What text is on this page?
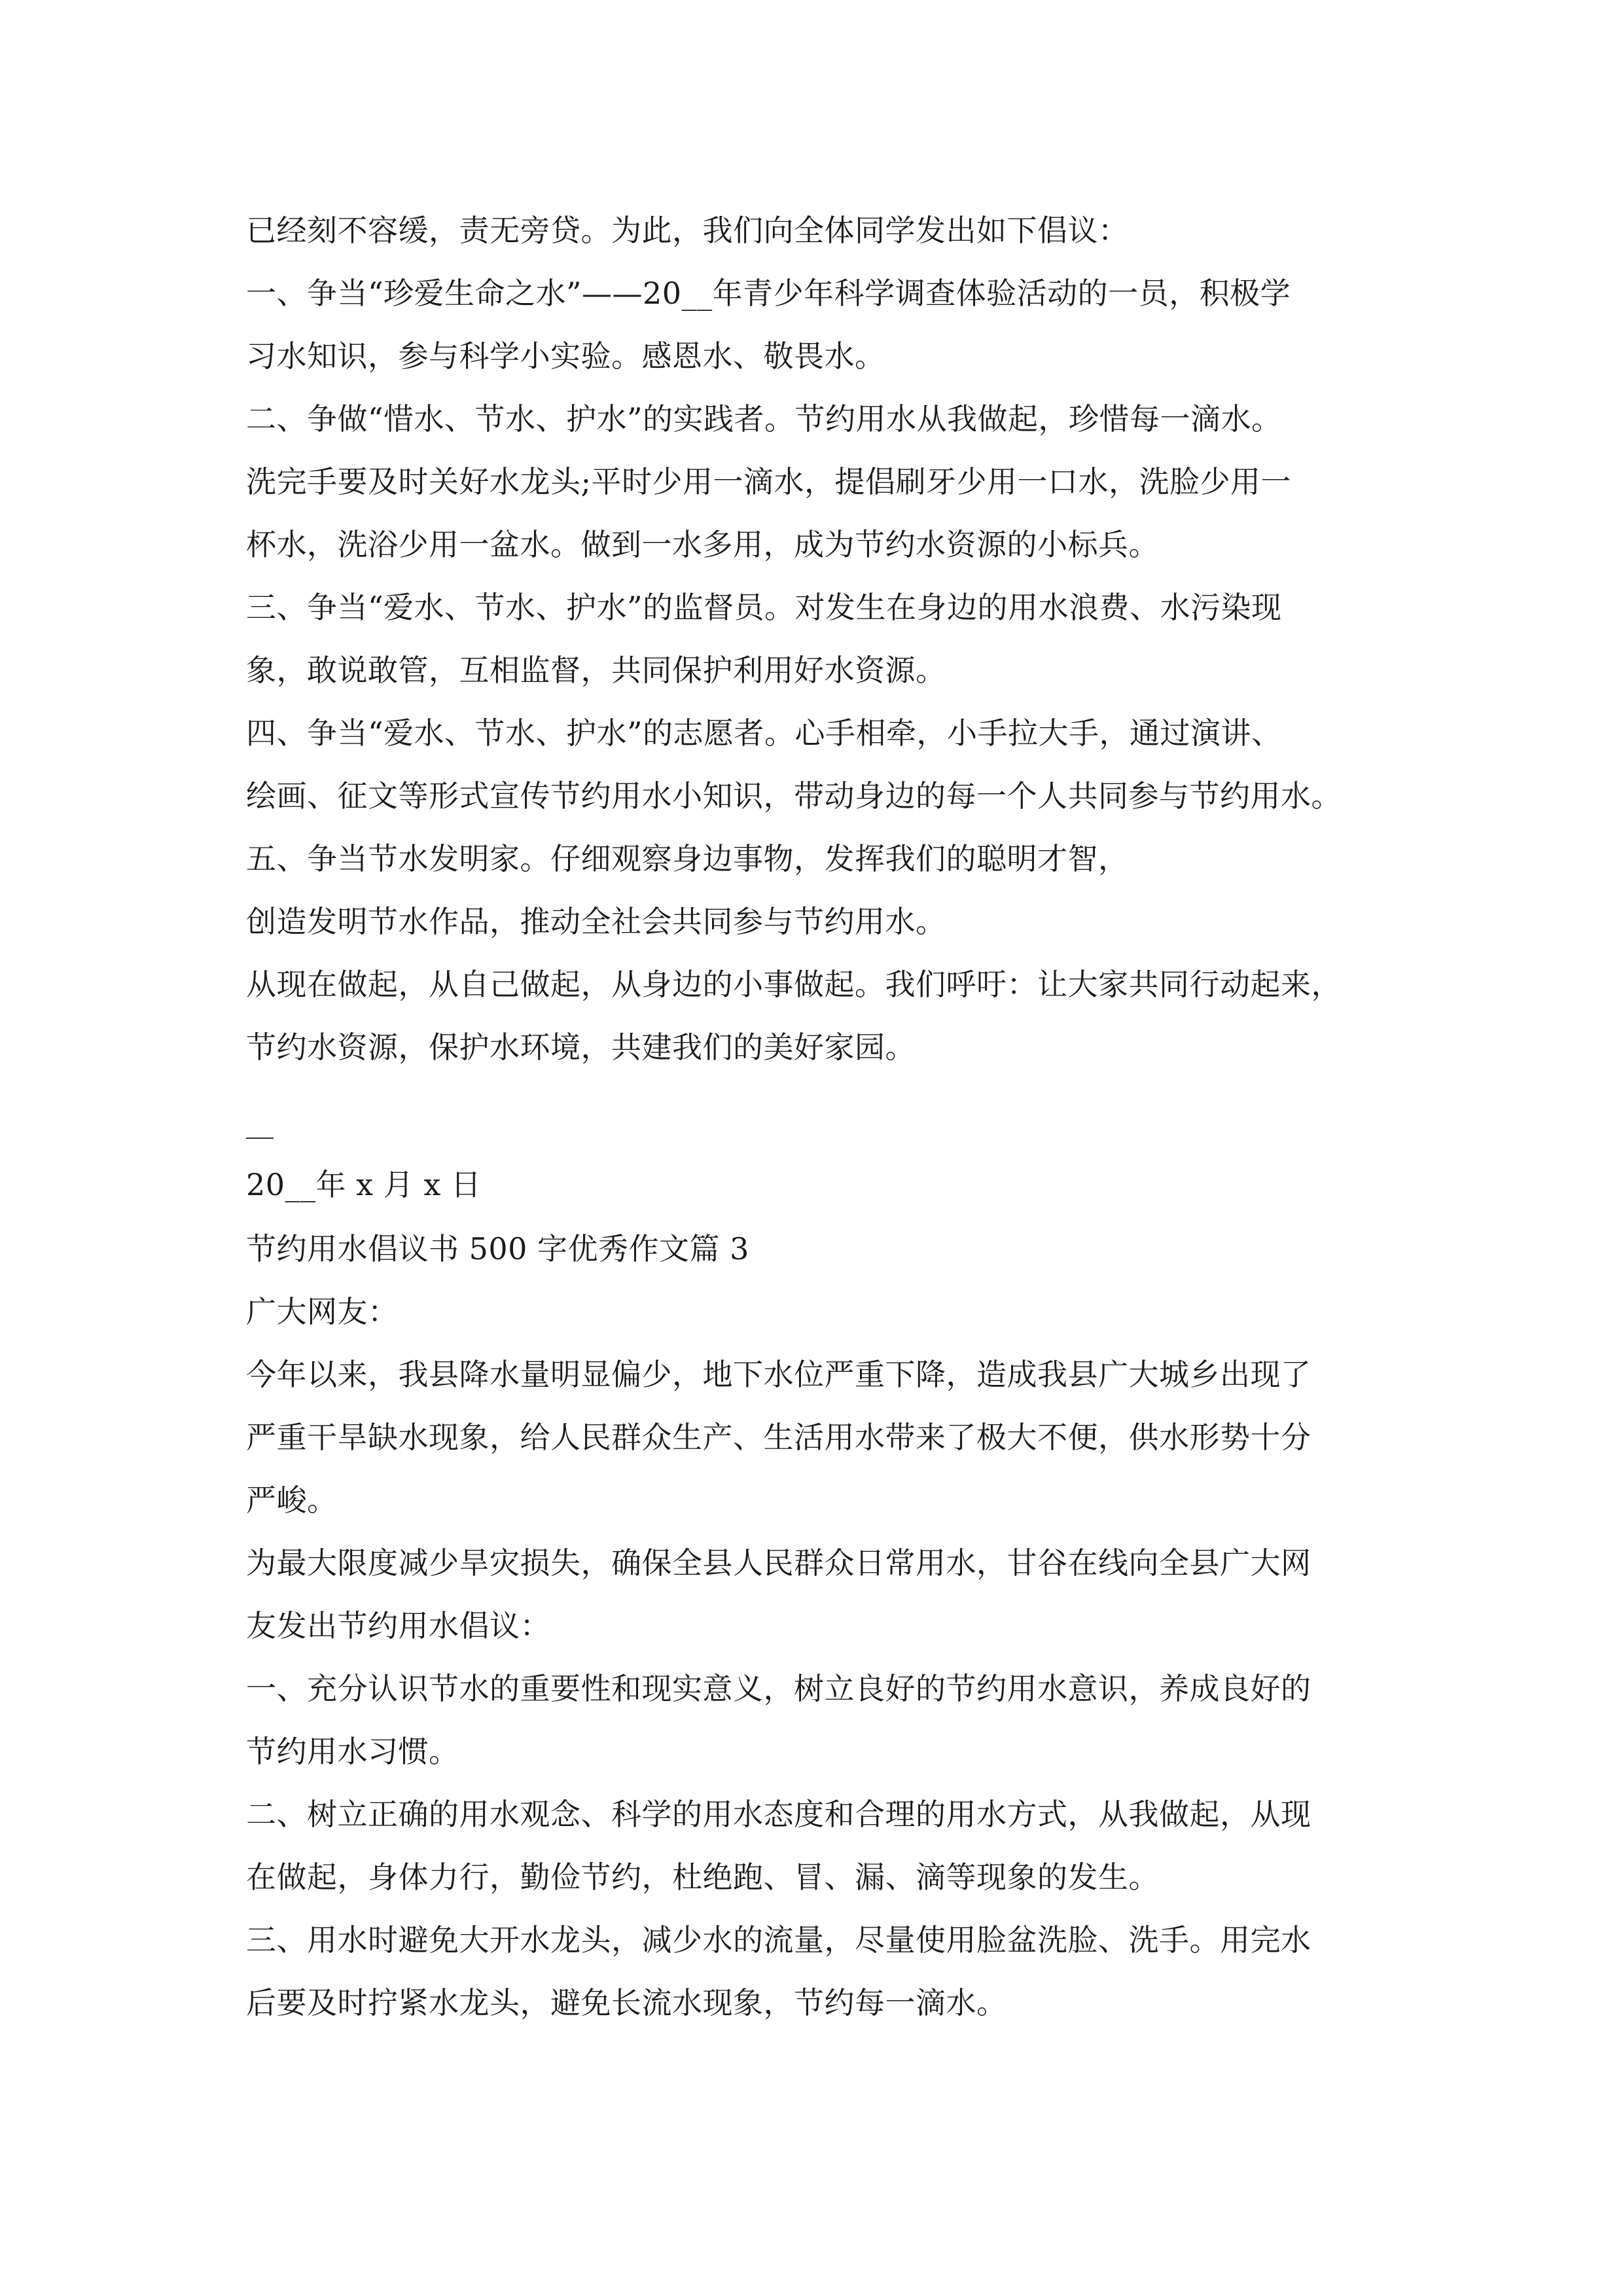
已经刻不容缓，责无旁贷。为此，我们向全体同学发出如下倡议：
一、争当“珍爱生命之水”——20__年青少年科学调查体验活动的一员，积极学
习水知识，参与科学小实验。感恩水、敬畏水。
二、争做“惜水、节水、护水”的实践者。节约用水从我做起，珍惜每一滴水。
洗完手要及时关好水龙头;平时少用一滴水，提倡刷牙少用一口水，洗脸少用一
杯水，洗浴少用一盆水。做到一水多用，成为节约水资源的小标兵。
三、争当“爱水、节水、护水”的监督员。对发生在身边的用水浪费、水污染现
象，敢说敢管，互相监督，共同保护利用好水资源。
四、争当“爱水、节水、护水”的志愿者。心手相牵，小手拉大手，通过演讲、
绘画、征文等形式宣传节约用水小知识，带动身边的每一个人共同参与节约用水。
五、争当节水发明家。仔细观察身边事物，发挥我们的聪明才智，
创造发明节水作品，推动全社会共同参与节约用水。
从现在做起，从自己做起，从身边的小事做起。我们呼吁：让大家共同行动起来，
节约水资源，保护水环境，共建我们的美好家园。
20__年 x 月 x 日
节约用水倡议书 500 字优秀作文篇 3
广大网友：
今年以来，我县降水量明显偏少，地下水位严重下降，造成我县广大城乡出现了
严重干旱缺水现象，给人民群众生产、生活用水带来了极大不便，供水形势十分
严峻。
为最大限度减少旱灾损失，确保全县人民群众日常用水，甘谷在线向全县广大网
友发出节约用水倡议：
一、充分认识节水的重要性和现实意义，树立良好的节约用水意识，养成良好的
节约用水习惯。
二、树立正确的用水观念、科学的用水态度和合理的用水方式，从我做起，从现
在做起，身体力行，勤俭节约，杜绝跑、冒、漏、滴等现象的发生。
三、用水时避免大开水龙头，减少水的流量，尽量使用脸盆洗脸、洗手。用完水
后要及时拧紧水龙头，避免长流水现象，节约每一滴水。
